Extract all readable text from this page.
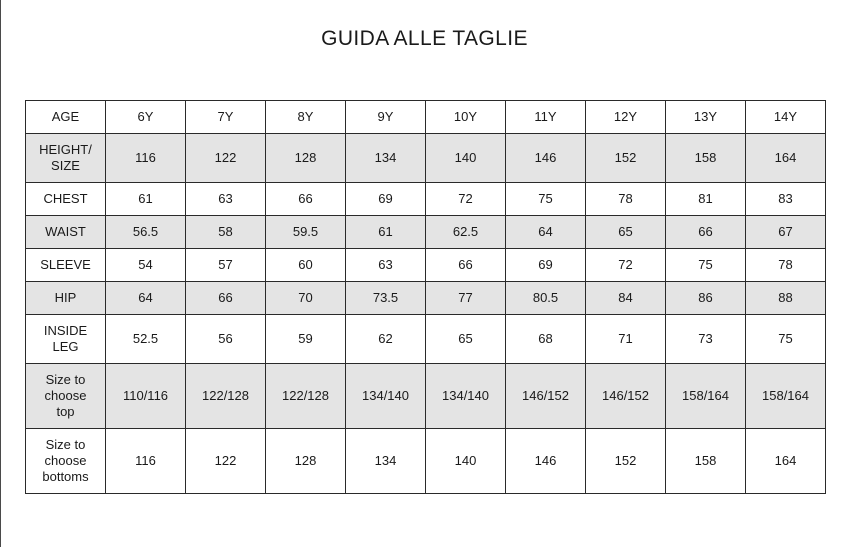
GUIDA ALLE TAGLIE
AGE	6Y	7Y	8Y	9Y	10Y	11Y	12Y	13Y	14Y
HEIGHT/
SIZE	116	122	128	134	140	146	152	158	164
CHEST	61	63	66	69	72	75	78	81	83
WAIST	56.5	58	59.5	61	62.5	64	65	66	67
SLEEVE	54	57	60	63	66	69	72	75	78
HIP	64	66	70	73.5	77	80.5	84	86	88
INSIDE
LEG	52.5	56	59	62	65	68	71	73	75
Size to
choose
top	110/116	122/128	122/128	134/140	134/140	146/152	146/152	158/164	158/164
Size to
choose
bottoms	116	122	128	134	140	146	152	158	164
